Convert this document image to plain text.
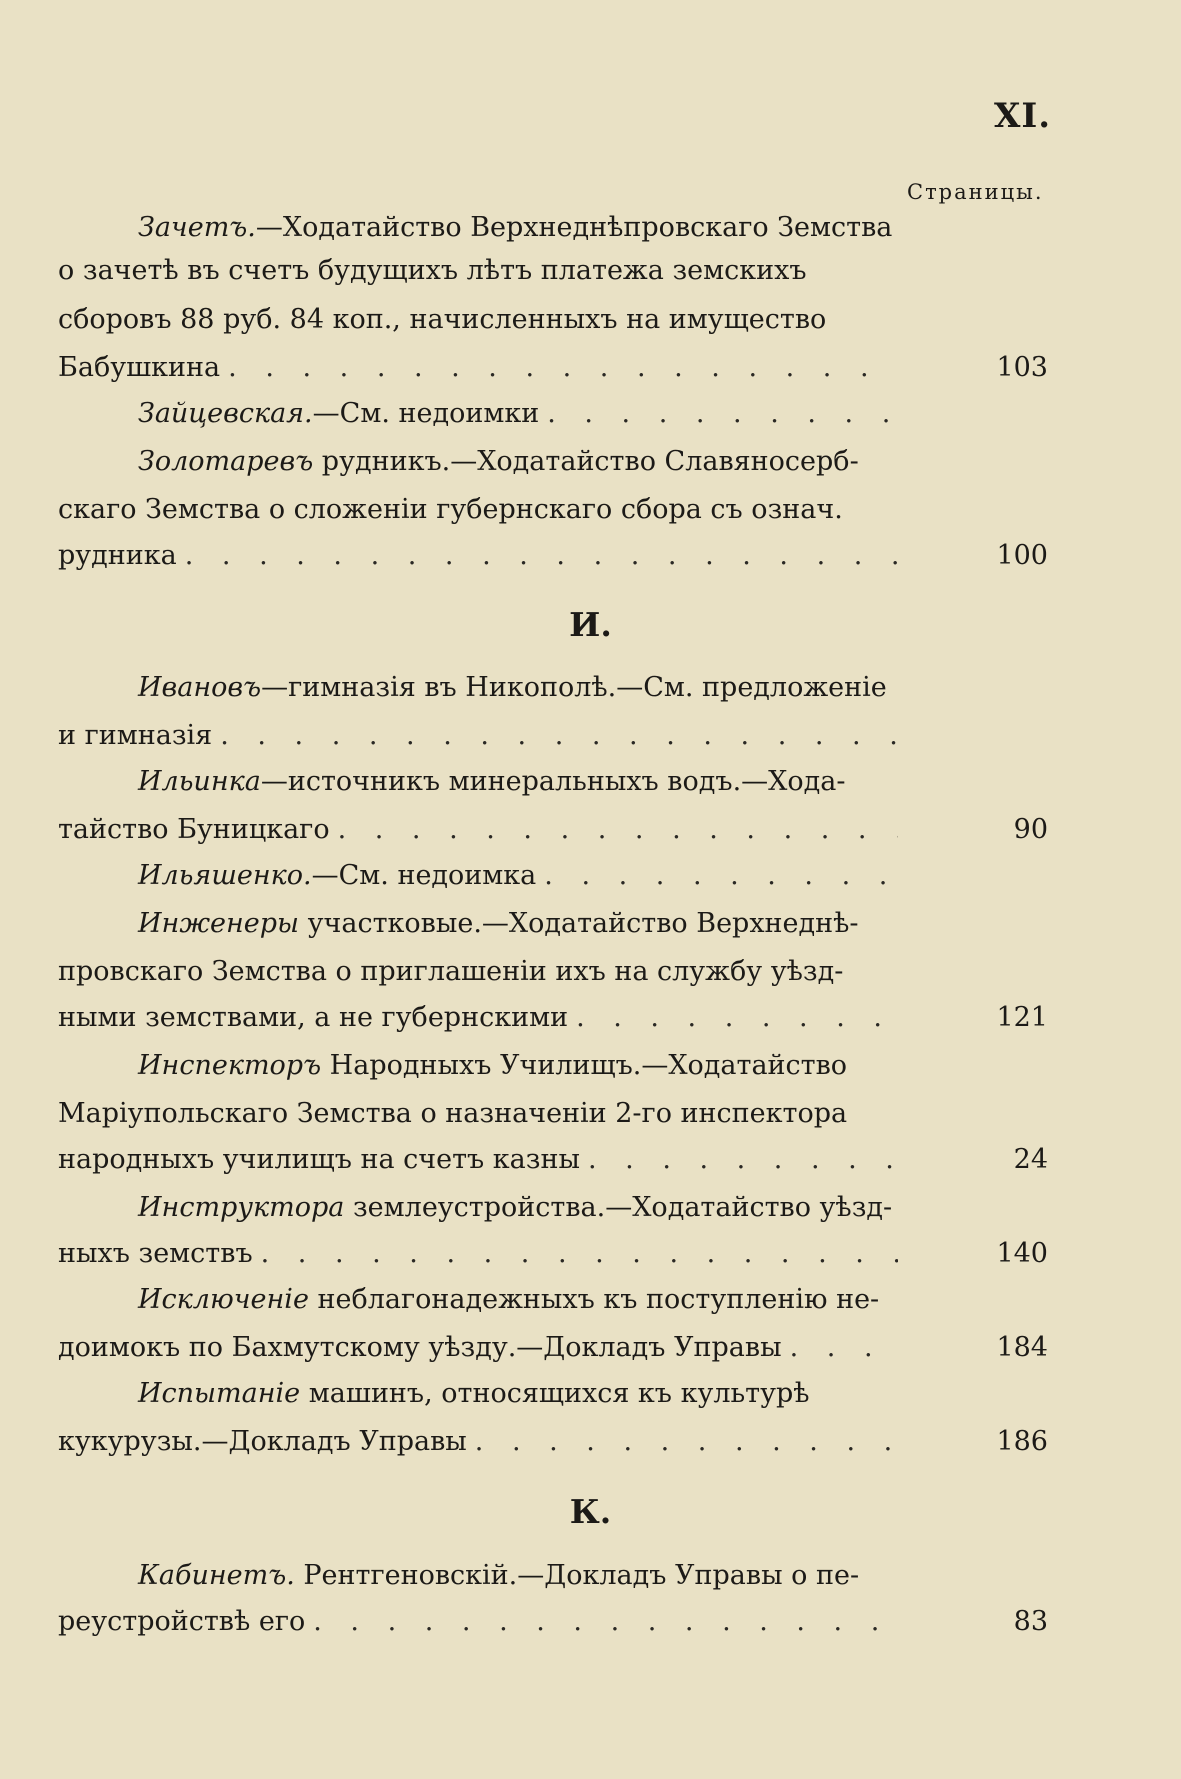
XI.
Страницы.
Зачетъ.—Ходатайство Верхнеднѣпровскаго Земства
о зачетѣ въ счетъ будущихъ лѣтъ платежа земскихъ
сборовъ 88 руб. 84 коп., начисленныхъ на имущество
Бабушкина . . .	103
Зайцевская. —См. недоимки
. . .
Золотаревъ рудникъ.—Ходатайство Славяносерб-
скаго Земства о сложеніи губернскаго сбора съ означ.
рудника . . .	100
И.
Ивановъ—гимназія въ Никополѣ.—См. предложеніе
и гимназія
. . .
Ильинка—источникъ минеральныхъ водъ.—Хода-
тайство Буницкаго . . .	90
Ильяшенко. —См. недоимка
. . .
Инженеры участковые.—Ходатайство Верхнеднѣ-
провскаго Земства о приглашеніи ихъ на службу уѣзд-
ными земствами, а не губернскими . . .	121
Инспекторъ Народныхъ Училищъ.—Ходатайство
Маріупольскаго Земства о назначеніи 2-го инспектора
народныхъ училищъ на счетъ казны . . .	24
Инструктора землеустройства.—Ходатайство уѣзд-
ныхъ земствъ . . .	140
Исключеніе неблагонадежныхъ къ поступленію не-
доимокъ по Бахмутскому уѣзду.—Докладъ Управы . . .	184
Испытаніе машинъ, относящихся къ культурѣ
кукурузы.—Докладъ Управы . . .	186
К.
Кабинетъ. Рентгеновскій.—Докладъ Управы о пе-
реустройствѣ его . . .	83
